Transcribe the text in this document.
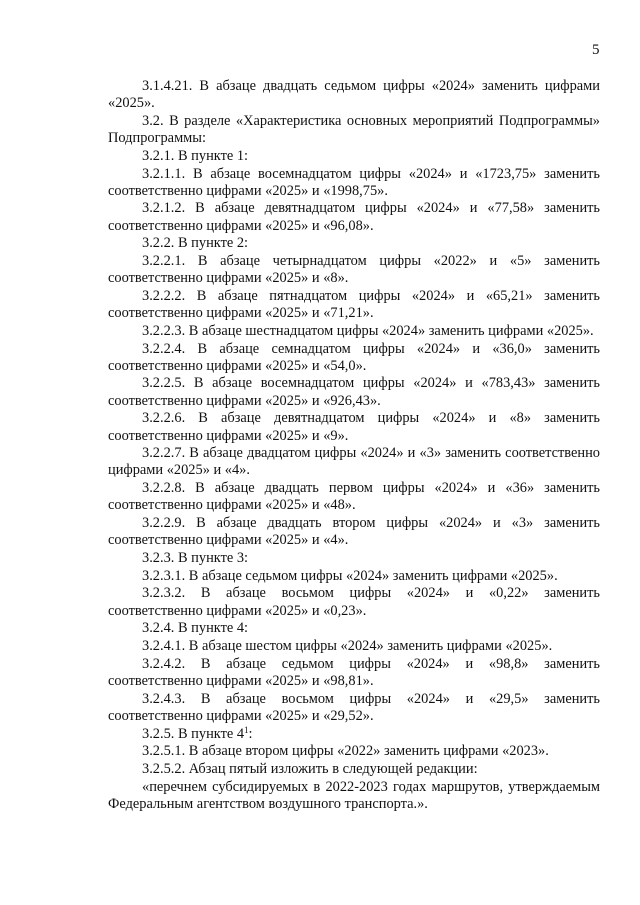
5

3.1.4.21. В абзаце двадцать седьмом цифры «2024» заменить цифрами «2025».

3.2. В разделе «Характеристика основных мероприятий Подпрограммы» Подпрограммы:

3.2.1. В пункте 1:

3.2.1.1. В абзаце восемнадцатом цифры «2024» и «1723,75» заменить соответственно цифрами «2025» и «1998,75».

3.2.1.2. В абзаце девятнадцатом цифры «2024» и «77,58» заменить соответственно цифрами «2025» и «96,08».

3.2.2. В пункте 2:

3.2.2.1. В абзаце четырнадцатом цифры «2022» и «5» заменить соответственно цифрами «2025» и «8».

3.2.2.2. В абзаце пятнадцатом цифры «2024» и «65,21» заменить соответственно цифрами «2025» и «71,21».

3.2.2.3. В абзаце шестнадцатом цифры «2024» заменить цифрами «2025».

3.2.2.4. В абзаце семнадцатом цифры «2024» и «36,0» заменить соответственно цифрами «2025» и «54,0».

3.2.2.5. В абзаце восемнадцатом цифры «2024» и «783,43» заменить соответственно цифрами «2025» и «926,43».

3.2.2.6. В абзаце девятнадцатом цифры «2024» и «8» заменить соответственно цифрами «2025» и «9».

3.2.2.7. В абзаце двадцатом цифры «2024» и «3» заменить соответственно цифрами «2025» и «4».

3.2.2.8. В абзаце двадцать первом цифры «2024» и «36» заменить соответственно цифрами «2025» и «48».

3.2.2.9. В абзаце двадцать втором цифры «2024» и «3» заменить соответственно цифрами «2025» и «4».

3.2.3. В пункте 3:

3.2.3.1. В абзаце седьмом цифры «2024» заменить цифрами «2025».

3.2.3.2. В абзаце восьмом цифры «2024» и «0,22» заменить соответственно цифрами «2025» и «0,23».

3.2.4. В пункте 4:

3.2.4.1. В абзаце шестом цифры «2024» заменить цифрами «2025».

3.2.4.2. В абзаце седьмом цифры «2024» и «98,8» заменить соответственно цифрами «2025» и «98,81».

3.2.4.3. В абзаце восьмом цифры «2024» и «29,5» заменить соответственно цифрами «2025» и «29,52».

3.2.5. В пункте $4^1$:

3.2.5.1. В абзаце втором цифры «2022» заменить цифрами «2023».

3.2.5.2. Абзац пятый изложить в следующей редакции:

«перечнем субсидируемых в 2022-2023 годах маршрутов, утверждаемым Федеральным агентством воздушного транспорта.».
